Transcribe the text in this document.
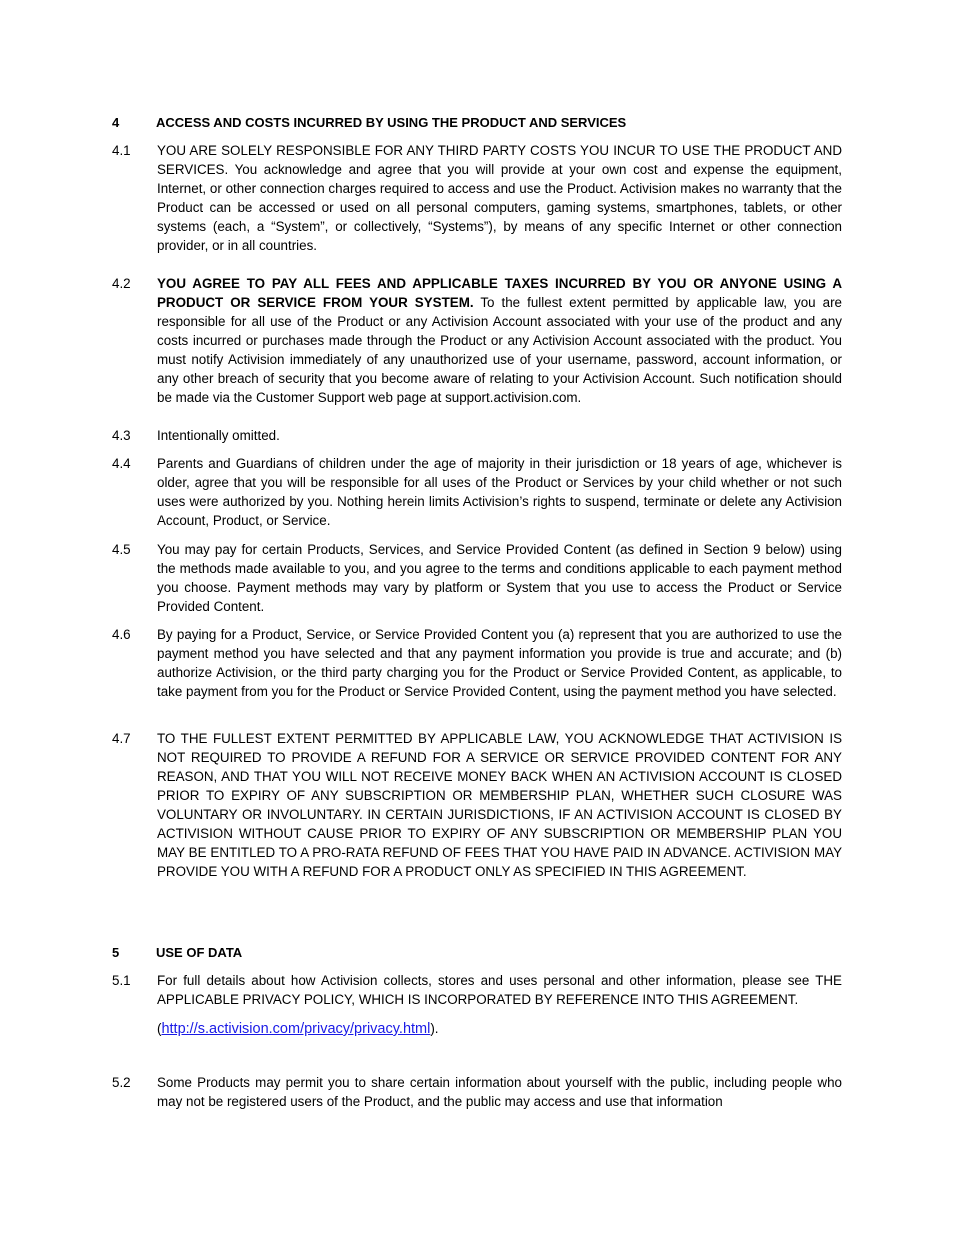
4	ACCESS AND COSTS INCURRED BY USING THE PRODUCT AND SERVICES
4.1 YOU ARE SOLELY RESPONSIBLE FOR ANY THIRD PARTY COSTS YOU INCUR TO USE THE PRODUCT AND SERVICES. You acknowledge and agree that you will provide at your own cost and expense the equipment, Internet, or other connection charges required to access and use the Product. Activision makes no warranty that the Product can be accessed or used on all personal computers, gaming systems, smartphones, tablets, or other systems (each, a “System”, or collectively, “Systems”), by means of any specific Internet or other connection provider, or in all countries.
4.2 YOU AGREE TO PAY ALL FEES AND APPLICABLE TAXES INCURRED BY YOU OR ANYONE USING A PRODUCT OR SERVICE FROM YOUR SYSTEM. To the fullest extent permitted by applicable law, you are responsible for all use of the Product or any Activision Account associated with your use of the product and any costs incurred or purchases made through the Product or any Activision Account associated with the product. You must notify Activision immediately of any unauthorized use of your username, password, account information, or any other breach of security that you become aware of relating to your Activision Account. Such notification should be made via the Customer Support web page at support.activision.com.
4.3 Intentionally omitted.
4.4 Parents and Guardians of children under the age of majority in their jurisdiction or 18 years of age, whichever is older, agree that you will be responsible for all uses of the Product or Services by your child whether or not such uses were authorized by you. Nothing herein limits Activision’s rights to suspend, terminate or delete any Activision Account, Product, or Service.
4.5 You may pay for certain Products, Services, and Service Provided Content (as defined in Section 9 below) using the methods made available to you, and you agree to the terms and conditions applicable to each payment method you choose. Payment methods may vary by platform or System that you use to access the Product or Service Provided Content.
4.6 By paying for a Product, Service, or Service Provided Content you (a) represent that you are authorized to use the payment method you have selected and that any payment information you provide is true and accurate; and (b) authorize Activision, or the third party charging you for the Product or Service Provided Content, as applicable, to take payment from you for the Product or Service Provided Content, using the payment method you have selected.
4.7 TO THE FULLEST EXTENT PERMITTED BY APPLICABLE LAW, YOU ACKNOWLEDGE THAT ACTIVISION IS NOT REQUIRED TO PROVIDE A REFUND FOR A SERVICE OR SERVICE PROVIDED CONTENT FOR ANY REASON, AND THAT YOU WILL NOT RECEIVE MONEY BACK WHEN AN ACTIVISION ACCOUNT IS CLOSED PRIOR TO EXPIRY OF ANY SUBSCRIPTION OR MEMBERSHIP PLAN, WHETHER SUCH CLOSURE WAS VOLUNTARY OR INVOLUNTARY. IN CERTAIN JURISDICTIONS, IF AN ACTIVISION ACCOUNT IS CLOSED BY ACTIVISION WITHOUT CAUSE PRIOR TO EXPIRY OF ANY SUBSCRIPTION OR MEMBERSHIP PLAN YOU MAY BE ENTITLED TO A PRO-RATA REFUND OF FEES THAT YOU HAVE PAID IN ADVANCE. ACTIVISION MAY PROVIDE YOU WITH A REFUND FOR A PRODUCT ONLY AS SPECIFIED IN THIS AGREEMENT.
5	USE OF DATA
5.1 For full details about how Activision collects, stores and uses personal and other information, please see THE APPLICABLE PRIVACY POLICY, WHICH IS INCORPORATED BY REFERENCE INTO THIS AGREEMENT.
(http://s.activision.com/privacy/privacy.html).
5.2 Some Products may permit you to share certain information about yourself with the public, including people who may not be registered users of the Product, and the public may access and use that information
